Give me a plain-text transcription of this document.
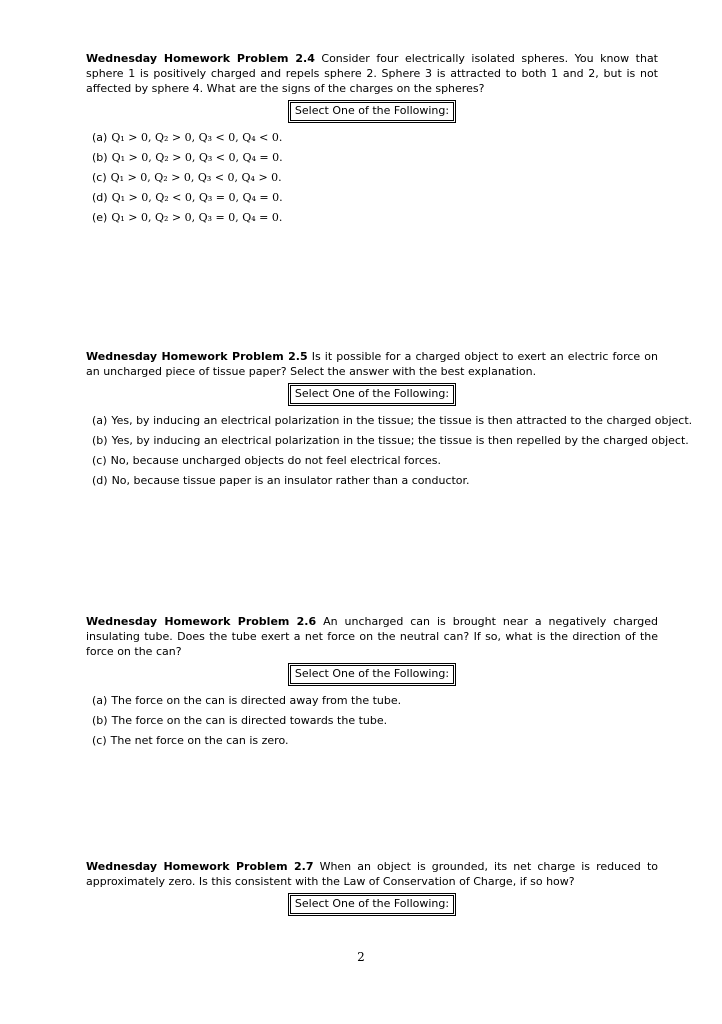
Wednesday Homework Problem 2.4 Consider four electrically isolated spheres. You know that sphere 1 is positively charged and repels sphere 2. Sphere 3 is attracted to both 1 and 2, but is not affected by sphere 4. What are the signs of the charges on the spheres?

Select One of the Following:
(a) Q₁ > 0, Q₂ > 0, Q₃ < 0, Q₄ < 0.
(b) Q₁ > 0, Q₂ > 0, Q₃ < 0, Q₄ = 0.
(c) Q₁ > 0, Q₂ > 0, Q₃ < 0, Q₄ > 0.
(d) Q₁ > 0, Q₂ < 0, Q₃ = 0, Q₄ = 0.
(e) Q₁ > 0, Q₂ > 0, Q₃ = 0, Q₄ = 0.

Wednesday Homework Problem 2.5 Is it possible for a charged object to exert an electric force on an uncharged piece of tissue paper? Select the answer with the best explanation.

Select One of the Following:
(a) Yes, by inducing an electrical polarization in the tissue; the tissue is then attracted to the charged object.
(b) Yes, by inducing an electrical polarization in the tissue; the tissue is then repelled by the charged object.
(c) No, because uncharged objects do not feel electrical forces.
(d) No, because tissue paper is an insulator rather than a conductor.

Wednesday Homework Problem 2.6 An uncharged can is brought near a negatively charged insulating tube. Does the tube exert a net force on the neutral can? If so, what is the direction of the force on the can?

Select One of the Following:
(a) The force on the can is directed away from the tube.
(b) The force on the can is directed towards the tube.
(c) The net force on the can is zero.

Wednesday Homework Problem 2.7 When an object is grounded, its net charge is reduced to approximately zero. Is this consistent with the Law of Conservation of Charge, if so how?

Select One of the Following:
2
